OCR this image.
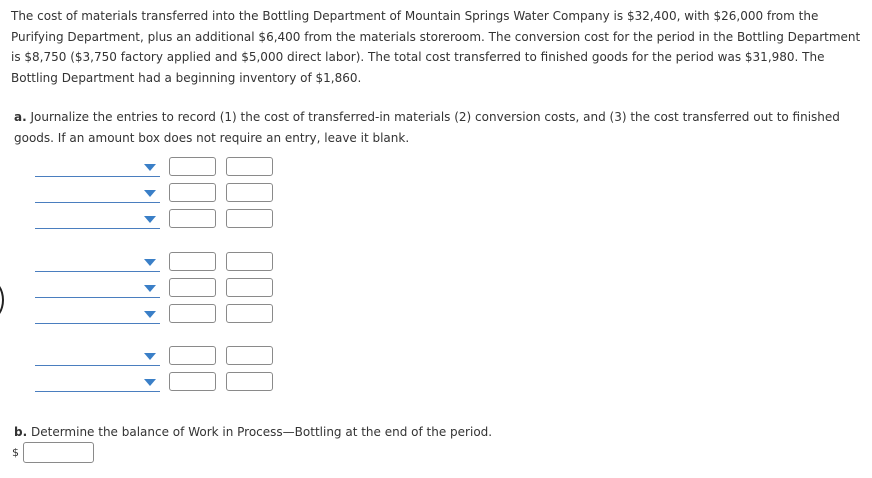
The cost of materials transferred into the Bottling Department of Mountain Springs Water Company is $32,400, with $26,000 from the Purifying Department, plus an additional $6,400 from the materials storeroom. The conversion cost for the period in the Bottling Department is $8,750 ($3,750 factory applied and $5,000 direct labor). The total cost transferred to finished goods for the period was $31,980. The Bottling Department had a beginning inventory of $1,860.

a. Journalize the entries to record (1) the cost of transferred-in materials (2) conversion costs, and (3) the cost transferred out to finished goods. If an amount box does not require an entry, leave it blank.

b. Determine the balance of Work in Process—Bottling at the end of the period.

$
